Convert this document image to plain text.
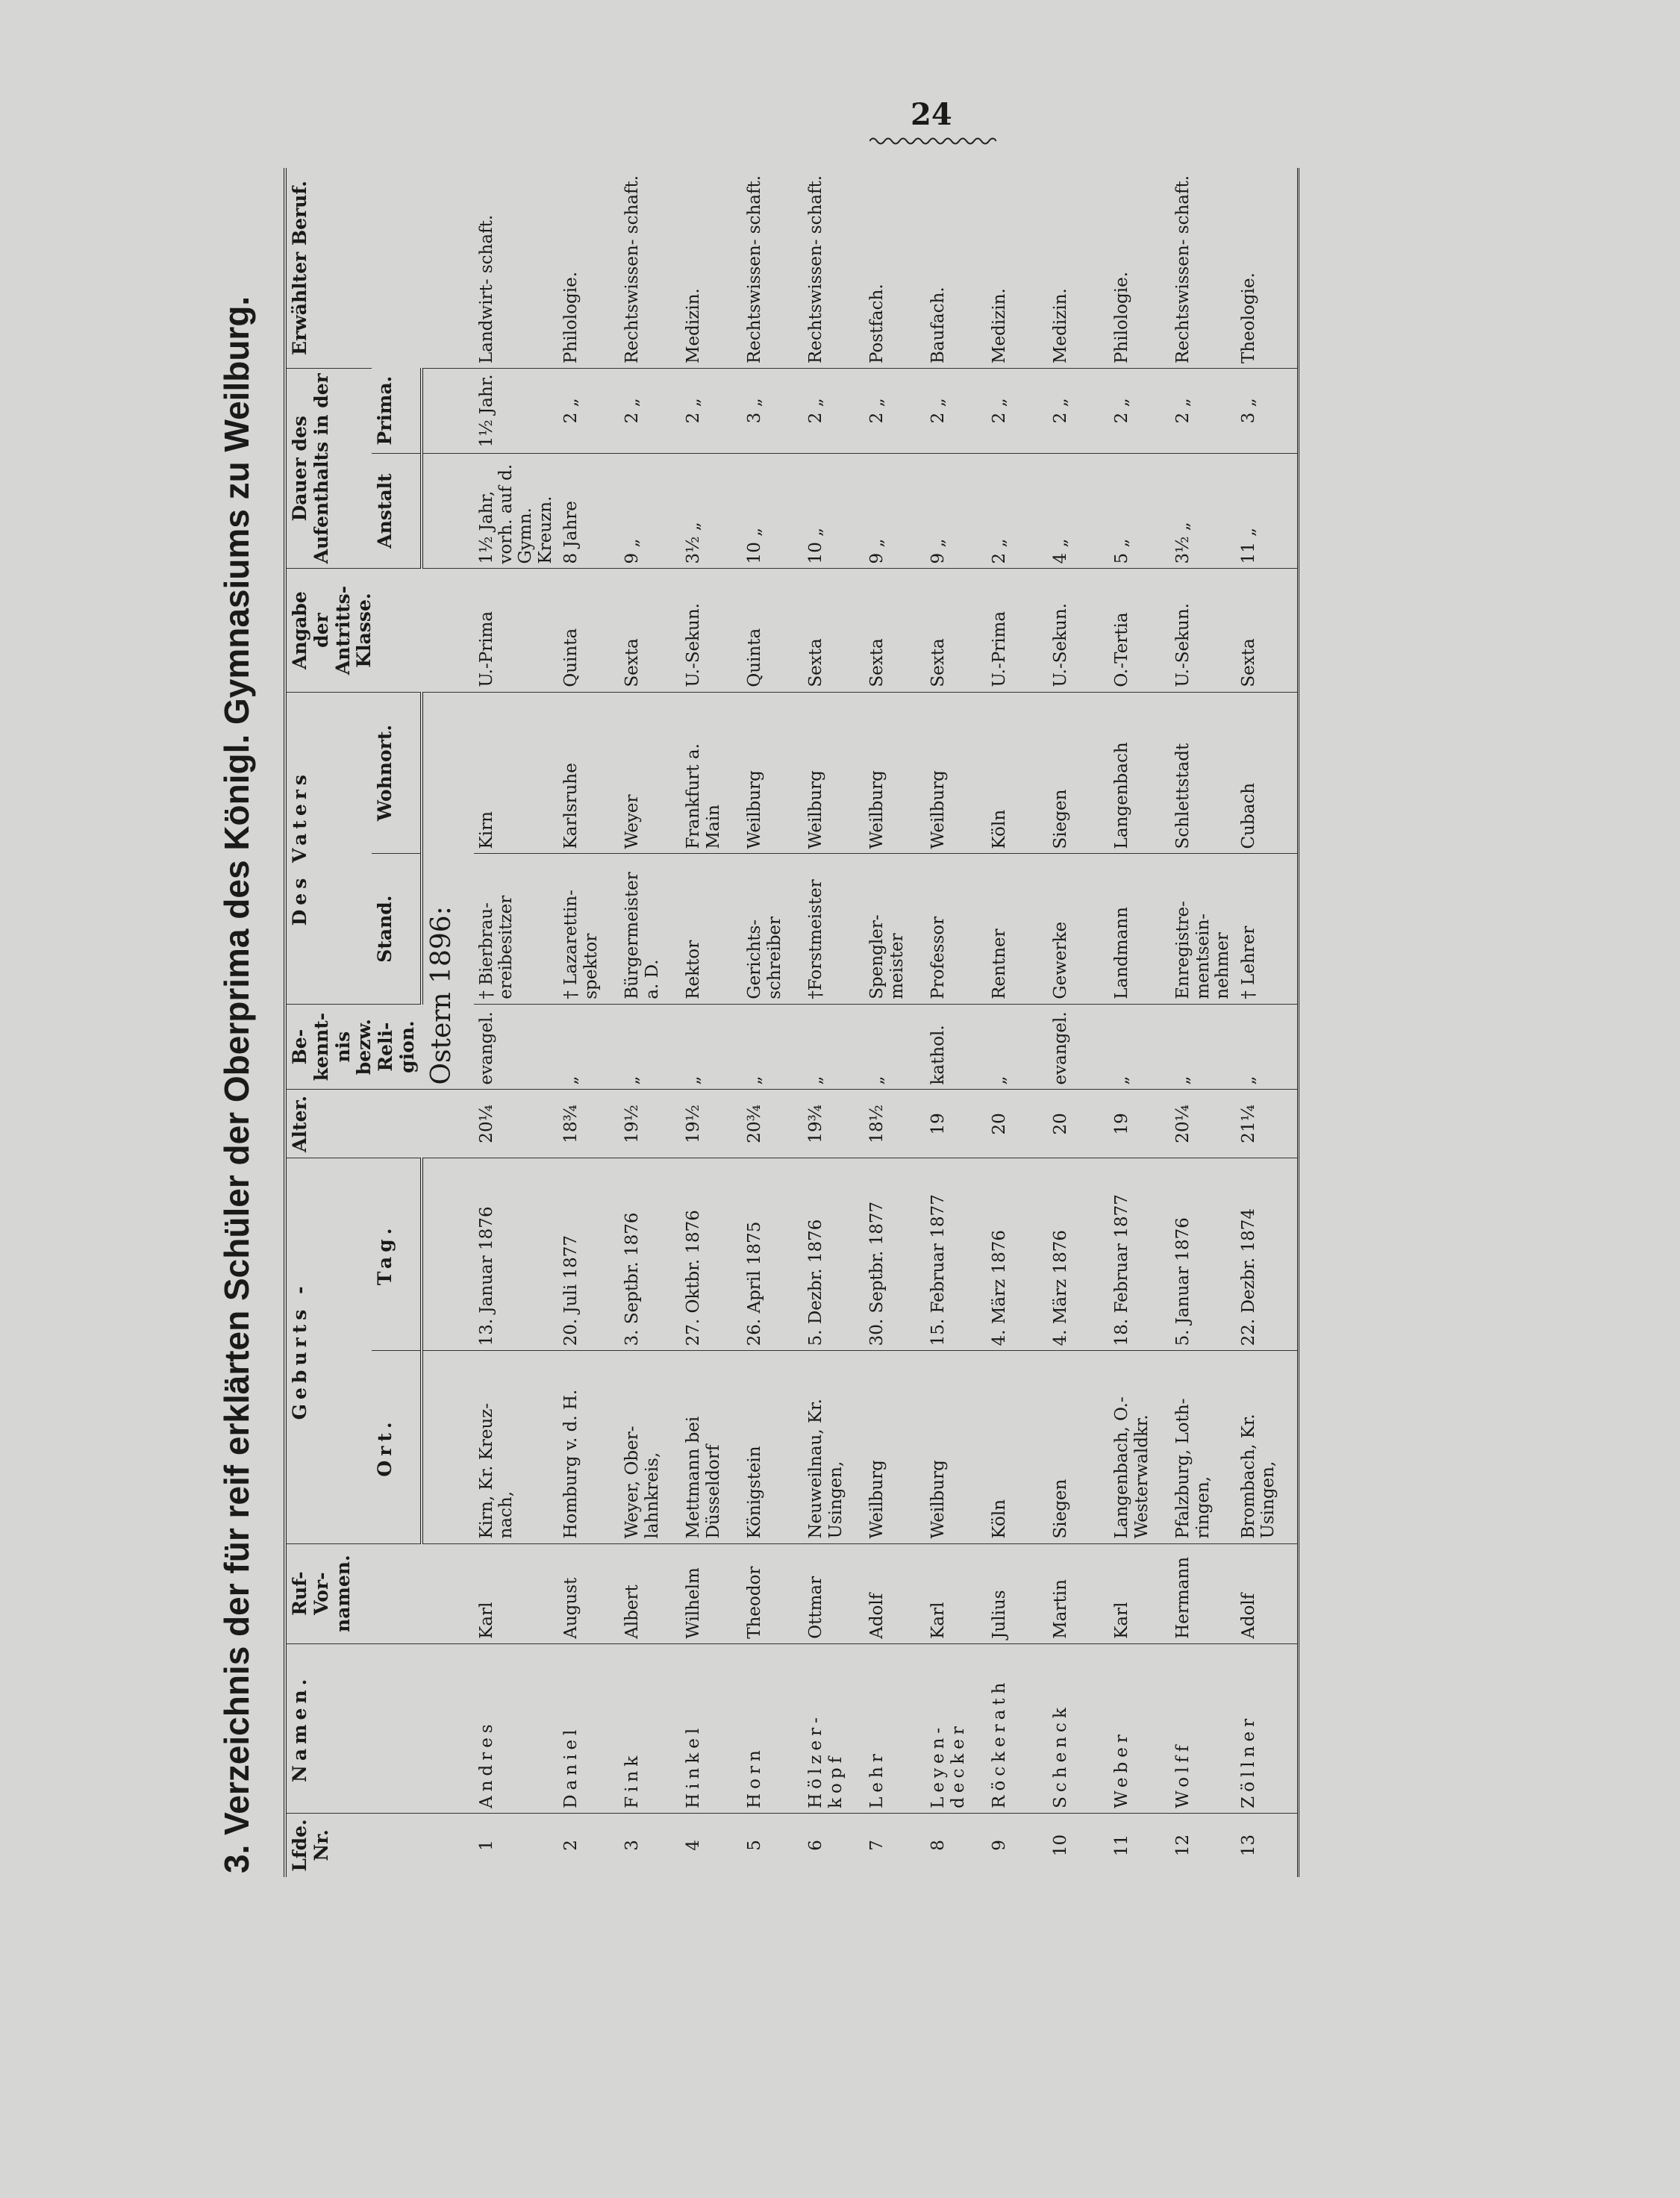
24
3. Verzeichnis der für reif erklärten Schüler der Oberprima des Königl. Gymnasiums zu Weilburg. Lfde. Nr.	Namen.	Ruf- Vor- namen.	Geburts -		Alter.	Be- kennt- nis bezw. Reli- gion.	Des Vaters		Angabe der Antritts- Klasse.	Dauer des Aufenthalts in der		Erwählter Beruf.
			Ort.	Tag.			Stand.	Wohnort.		Anstalt	Prima.	
						Ostern 1896:						
1	Andres	Karl	Kirn, Kr. Kreuz- nach,	13. Januar 1876	20¼	evangel.	† Bierbrau- ereibesitzer	Kirn	U.-Prima	1½ Jahr, vorh. auf d. Gymn. Kreuzn.	1½ Jahr.	Landwirt- schaft.
2	Daniel	August	Homburg v. d. H.	20. Juli 1877	18¾	„	† Lazarettin- spektor	Karlsruhe	Quinta	8 Jahre	2 „	Philologie.
3	Fink	Albert	Weyer, Ober- lahnkreis,	3. Septbr. 1876	19½	„	Bürgermeister a. D.	Weyer	Sexta	9 „	2 „	Rechtswissen- schaft.
4	Hinkel	Wilhelm	Mettmann bei Düsseldorf	27. Oktbr. 1876	19½	„	Rektor	Frankfurt a. Main	U.-Sekun.	3½ „	2 „	Medizin.
5	Horn	Theodor	Königstein	26. April 1875	20¾	„	Gerichts- schreiber	Weilburg	Quinta	10 „	3 „	Rechtswissen- schaft.
6	Hölzer- kopf	Ottmar	Neuweilnau, Kr. Usingen,	5. Dezbr. 1876	19¾	„	†Forstmeister	Weilburg	Sexta	10 „	2 „	Rechtswissen- schaft.
7	Lehr	Adolf	Weilburg	30. Septbr. 1877	18½	„	Spengler- meister	Weilburg	Sexta	9 „	2 „	Postfach.
8	Leyen- decker	Karl	Weilburg	15. Februar 1877	19	kathol.	Professor	Weilburg	Sexta	9 „	2 „	Baufach.
9	Röckerath	Julius	Köln	4. März 1876	20	„	Rentner	Köln	U.-Prima	2 „	2 „	Medizin.
10	Schenck	Martin	Siegen	4. März 1876	20	evangel.	Gewerke	Siegen	U.-Sekun.	4 „	2 „	Medizin.
11	Weber	Karl	Langenbach, O.-Westerwaldkr.	18. Februar 1877	19	„	Landmann	Langenbach	O.-Tertia	5 „	2 „	Philologie.
12	Wolff	Hermann	Pfalzburg, Loth- ringen,	5. Januar 1876	20¼	„	Enregistre- mentsein- nehmer	Schlettstadt	U.-Sekun.	3½ „	2 „	Rechtswissen- schaft.
13	Zöllner	Adolf	Brombach, Kr. Usingen,	22. Dezbr. 1874	21¼	„	† Lehrer	Cubach	Sexta	11 „	3 „	Theologie.
